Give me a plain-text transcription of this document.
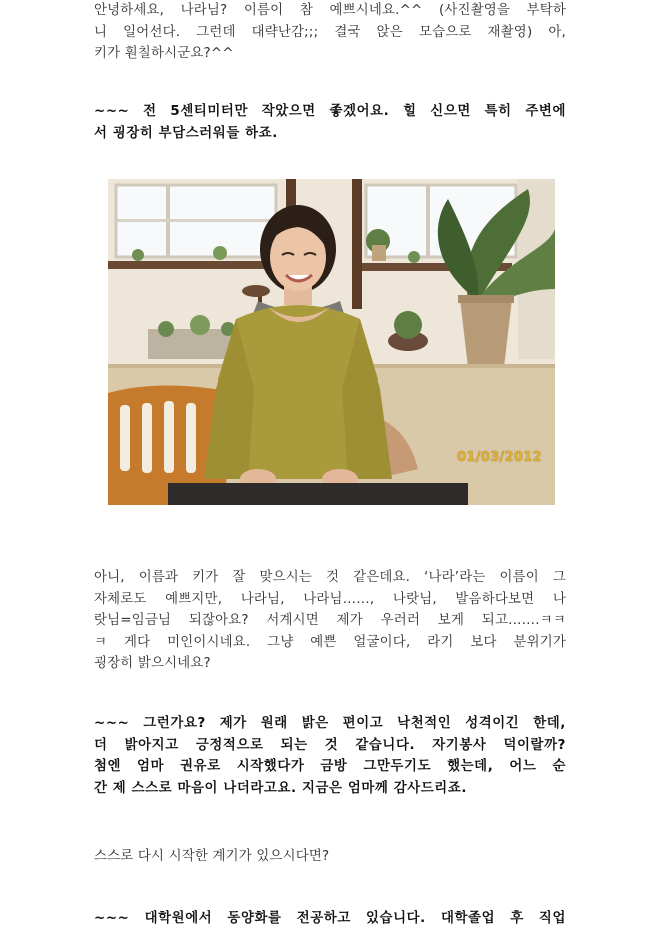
안녕하세요, 나라님? 이름이 참 예쁘시네요.^^ (사진촬영을 부탁하
니 일어선다. 그런데 대략난감;;; 결국 앉은 모습으로 재촬영) 아,
키가 훤칠하시군요?^^

~~~ 전 5센티미터만 작았으면 좋겠어요. 힐 신으면 특히 주변에
서 굉장히 부담스러워들 하죠.

01/03/2012

아니, 이름과 키가 잘 맞으시는 것 같은데요. ‘나라’라는 이름이 그
자체로도 예쁘지만, 나라님, 나라님……, 나랏님, 발음하다보면 나
랏님=임금님 되잖아요? 서계시면 제가 우러러 보게 되고…….ㅋㅋ
ㅋ 게다 미인이시네요. 그냥 예쁜 얼굴이다, 라기 보다 분위기가
굉장히 밝으시네요?

~~~ 그런가요? 제가 원래 밝은 편이고 낙천적인 성격이긴 한데,
더 밝아지고 긍정적으로 되는 것 같습니다. 자기봉사 덕이랄까?
첨엔 엄마 권유로 시작했다가 금방 그만두기도 했는데, 어느 순
간 제 스스로 마음이 나더라고요. 지금은 엄마께 감사드리죠.

스스로 다시 시작한 계기가 있으시다면?

~~~ 대학원에서 동양화를 전공하고 있습니다. 대학졸업 후 직업
